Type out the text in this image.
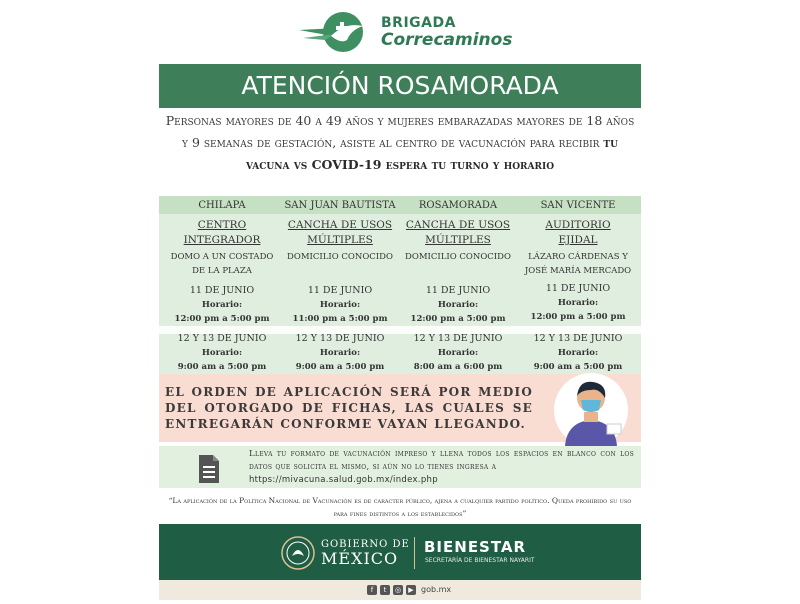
BRIGADA
Correcaminos
ATENCIÓN ROSAMORADA
Personas mayores de 40 a 49 años y mujeres embarazadas mayores de 18 años y 9 semanas de gestación, asiste al centro de vacunación para recibir tu vacuna vs COVID-19 espera tu turno y horario
CHILAPA
CENTRO INTEGRADOR
DOMO A UN COSTADO DE LA PLAZA
SAN JUAN BAUTISTA
CANCHA DE USOS MÚLTIPLES
DOMICILIO CONOCIDO
ROSAMORADA
CANCHA DE USOS MÚLTIPLES
DOMICILIO CONOCIDO
SAN VICENTE
AUDITORIO EJIDAL
LÁZARO CÁRDENAS Y JOSÉ MARÍA MERCADO
11 DE JUNIO
Horario:
12:00 pm a 5:00 pm
11 DE JUNIO
Horario:
11:00 pm a 5:00 pm
11 DE JUNIO
Horario:
12:00 pm a 5:00 pm
11 DE JUNIO
Horario:
12:00 pm a 5:00 pm
12 Y 13 DE JUNIO
Horario:
9:00 am a 5:00 pm
12 Y 13 DE JUNIO
Horario:
9:00 am a 5:00 pm
12 Y 13 DE JUNIO
Horario:
8:00 am a 6:00 pm
12 Y 13 DE JUNIO
Horario:
9:00 am a 5:00 pm
EL ORDEN DE APLICACIÓN SERÁ POR MEDIO DEL OTORGADO DE FICHAS, LAS CUALES SE ENTREGARÁN CONFORME VAYAN LLEGANDO.
Lleva tu formato de vacunación impreso y llena todos los espacios en blanco con los datos que solicita el mismo, si aún no lo tienes ingresa a
https://mivacuna.salud.gob.mx/index.php
“La aplicación de la Política Nacional de Vacunación es de carácter público, ajena a cualquier partido político. Queda prohibido su uso para fines distintos a los establecidos”
GOBIERNO DE
MÉXICO
BIENESTAR
SECRETARÍA DE BIENESTAR NAYARIT
f t ◎ ▶ gob.mx
